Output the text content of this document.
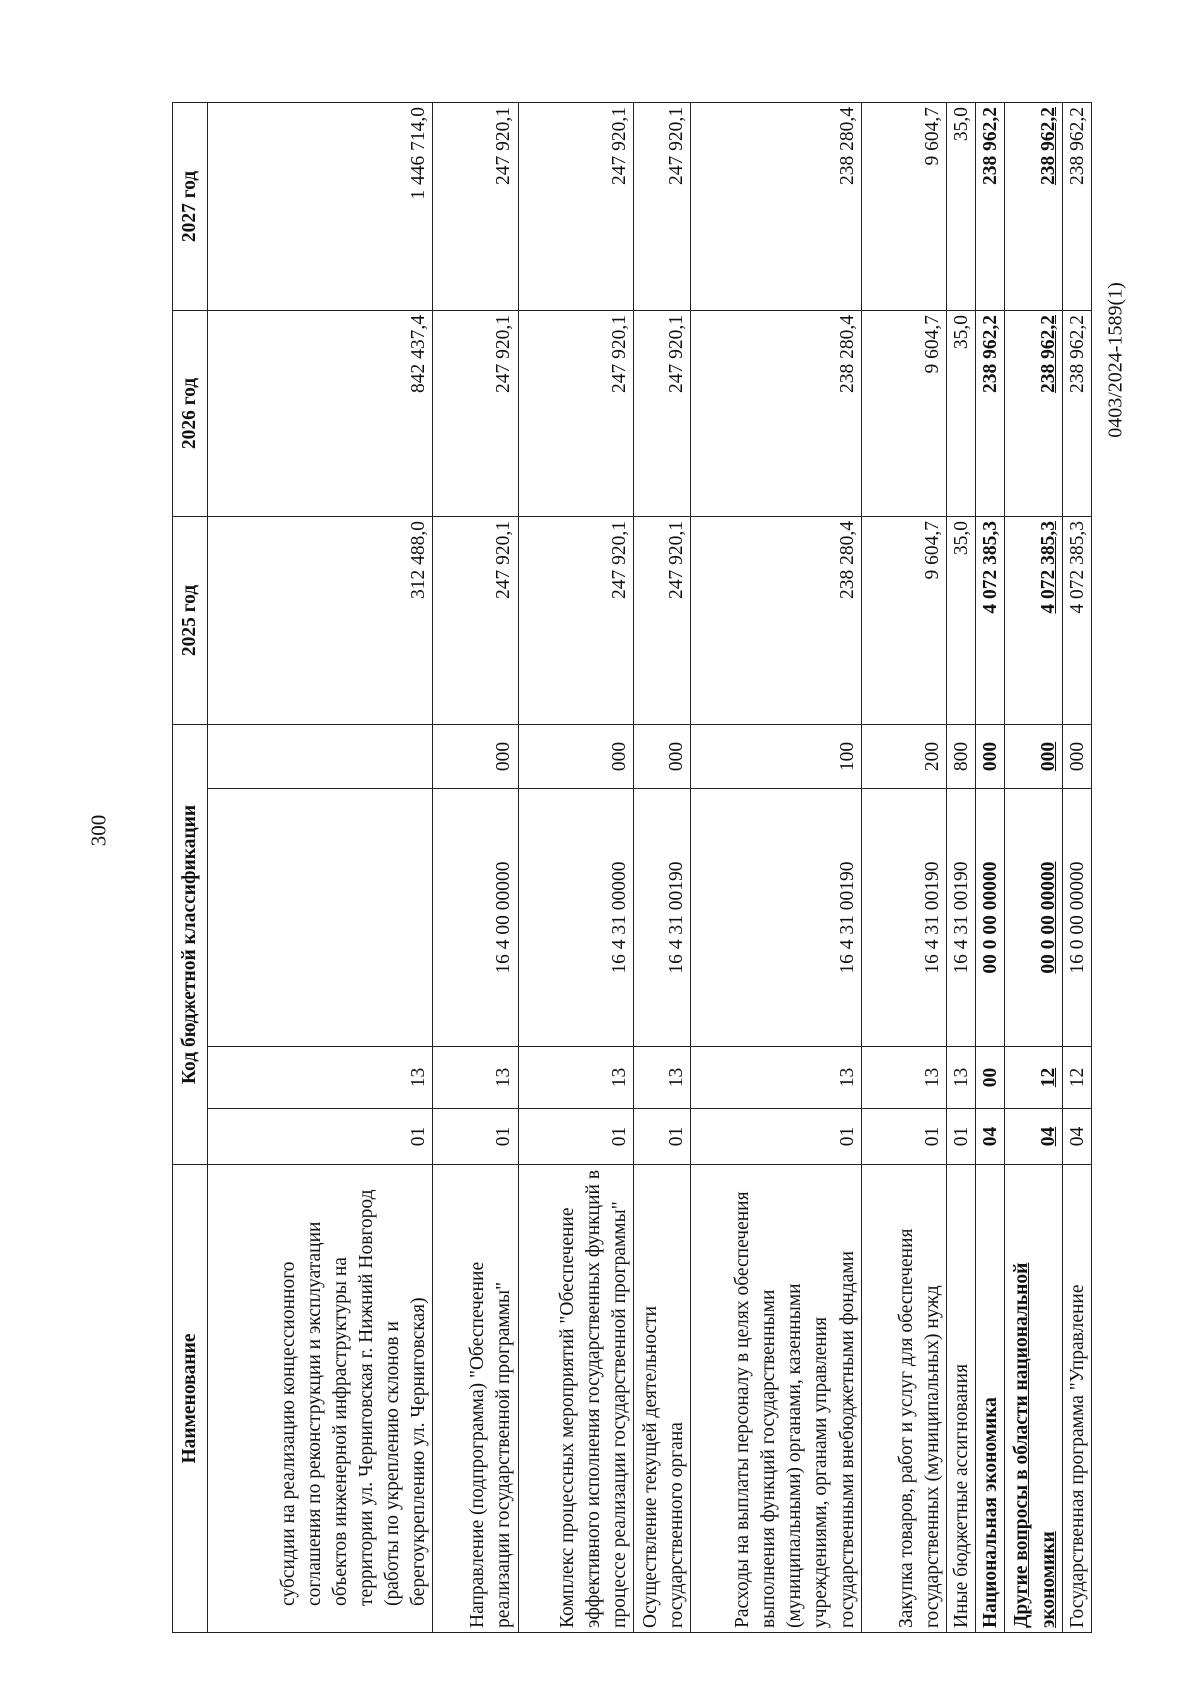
300
0403/2024-1589(1)
Наименование	Код бюджетной классификации				2025 год	2026 год	2027 год
субсидии на реализацию концессионного соглашения по реконструкции и эксплуатации объектов инженерной инфраструктуры на территории ул. Черниговская г. Нижний Новгород (работы по укреплению склонов и берегоукреплению ул. Черниговская)	01	13			312 488,0	842 437,4	1 446 714,0
Направление (подпрограмма) "Обеспечение реализации государственной программы"	01	13	16 4 00 00000	000	247 920,1	247 920,1	247 920,1
Комплекс процессных мероприятий "Обеспечение эффективного исполнения государственных функций в процессе реализации государственной программы"	01	13	16 4 31 00000	000	247 920,1	247 920,1	247 920,1
Осуществление текущей деятельности государственного органа	01	13	16 4 31 00190	000	247 920,1	247 920,1	247 920,1
Расходы на выплаты персоналу в целях обеспечения выполнения функций государственными (муниципальными) органами, казенными учреждениями, органами управления государственными внебюджетными фондами	01	13	16 4 31 00190	100	238 280,4	238 280,4	238 280,4
Закупка товаров, работ и услуг для обеспечения государственных (муниципальных) нужд	01	13	16 4 31 00190	200	9 604,7	9 604,7	9 604,7
Иные бюджетные ассигнования	01	13	16 4 31 00190	800	35,0	35,0	35,0
Национальная экономика	04	00	00 0 00 00000	000	4 072 385,3	238 962,2	238 962,2
Другие вопросы в области национальной экономики	04	12	00 0 00 00000	000	4 072 385,3	238 962,2	238 962,2
Государственная программа "Управление	04	12	16 0 00 00000	000	4 072 385,3	238 962,2	238 962,2
